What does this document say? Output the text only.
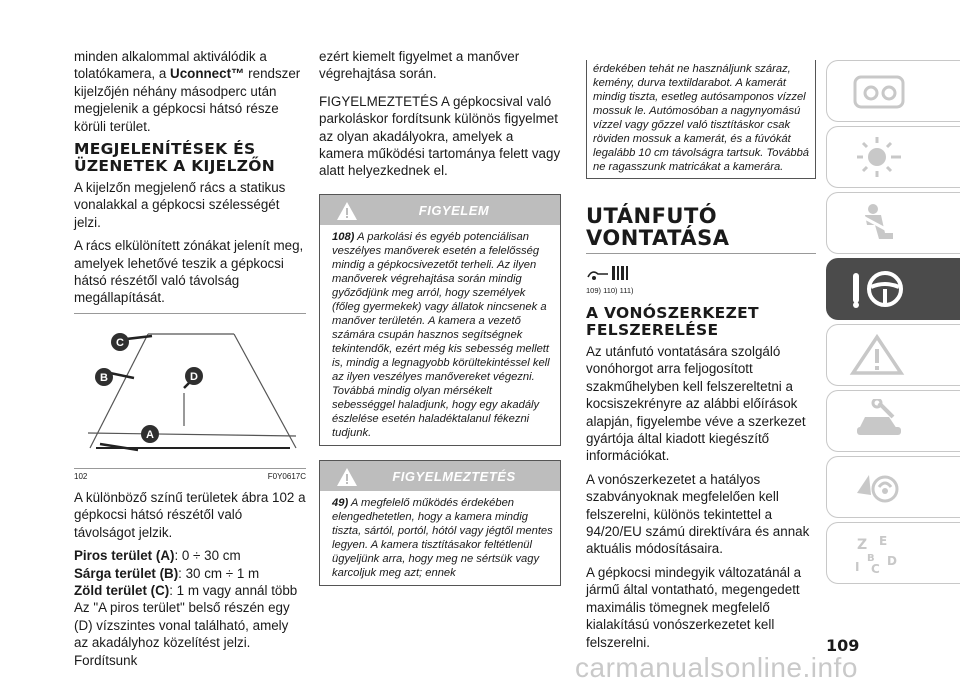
minden alkalommal aktiválódik a tolatókamera, a Uconnect™ rendszer kijelzőjén néhány másodperc után megjelenik a gépkocsi hátsó része körüli terület.

MEGJELENÍTÉSEK ÉS ÜZENETEK A KIJELZŐN

A kijelzőn megjelenő rács a statikus vonalakkal a gépkocsi szélességét jelzi.

A rács elkülönített zónákat jelenít meg, amelyek lehetővé teszik a gépkocsi hátsó részétől való távolság megállapítását.

C
B	D
A
102	F0Y0617C

A különböző színű területek ábra 102 a gépkocsi hátsó részétől való távolságot jelzik.

Piros terület (A): 0 ÷ 30 cm

Sárga terület (B): 30 cm ÷ 1 m

Zöld terület (C): 1 m vagy annál több

Az "A piros terület" belső részén egy (D) vízszintes vonal található, amely az akadályhoz közelítést jelzi. Fordítsunk

ezért kiemelt figyelmet a manőver végrehajtása során.

FIGYELMEZTETÉS A gépkocsival való parkoláskor fordítsunk különös figyelmet az olyan akadályokra, amelyek a kamera működési tartománya felett vagy alatt helyezkednek el.

FIGYELEM
108) A parkolási és egyéb potenciálisan veszélyes manőverek esetén a felelősség mindig a gépkocsivezetőt terheli. Az ilyen manőverek végrehajtása során mindig győződjünk meg arról, hogy személyek (főleg gyermekek) vagy állatok nincsenek a manőver területén. A kamera a vezető számára csupán hasznos segítségnek tekintendők, ezért még kis sebesség mellett is, mindig a legnagyobb körültekintéssel kell az ilyen veszélyes manővereket végezni. Továbbá mindig olyan mérsékelt sebességgel haladjunk, hogy egy akadály észlelése esetén haladéktalanul fékezni tudjunk.
FIGYELMEZTETÉS
49) A megfelelő működés érdekében elengedhetetlen, hogy a kamera mindig tiszta, sártól, portól, hótól vagy jégtől mentes legyen. A kamera tisztításakor feltétlenül ügyeljünk arra, hogy meg ne sértsük vagy karcoljuk meg azt; ennek
érdekében tehát ne használjunk száraz, kemény, durva textildarabot. A kamerát mindig tiszta, esetleg autósamponos vízzel mossuk le. Autómosóban a nagynyomású vízzel vagy gőzzel való tisztításkor csak röviden mossuk a kamerát, és a fúvókát legalább 10 cm távolságra tartsuk. Továbbá ne ragasszunk matricákat a kamerára.
UTÁNFUTÓ VONTATÁSA
109) 110) 111)
A VONÓSZERKEZET FELSZERELÉSE

Az utánfutó vontatására szolgáló vonóhorgot arra feljogosított szakműhelyben kell felszereltetni a kocsiszekrényre az alábbi előírások alapján, figyelembe véve a szerkezet gyártója által kiadott kiegészítő információkat.

A vonószerkezetet a hatályos szabványoknak megfelelően kell felszerelni, különös tekintettel a 94/20/EU számú direktívára és annak aktuális módosításaira.

A gépkocsi mindegyik változatánál a jármű által vontatható, megengedett maximális tömegnek megfelelő kialakítású vonószerkezetet kell felszerelni.

Z E
B
I C
D
109
carmanualsonline.info
